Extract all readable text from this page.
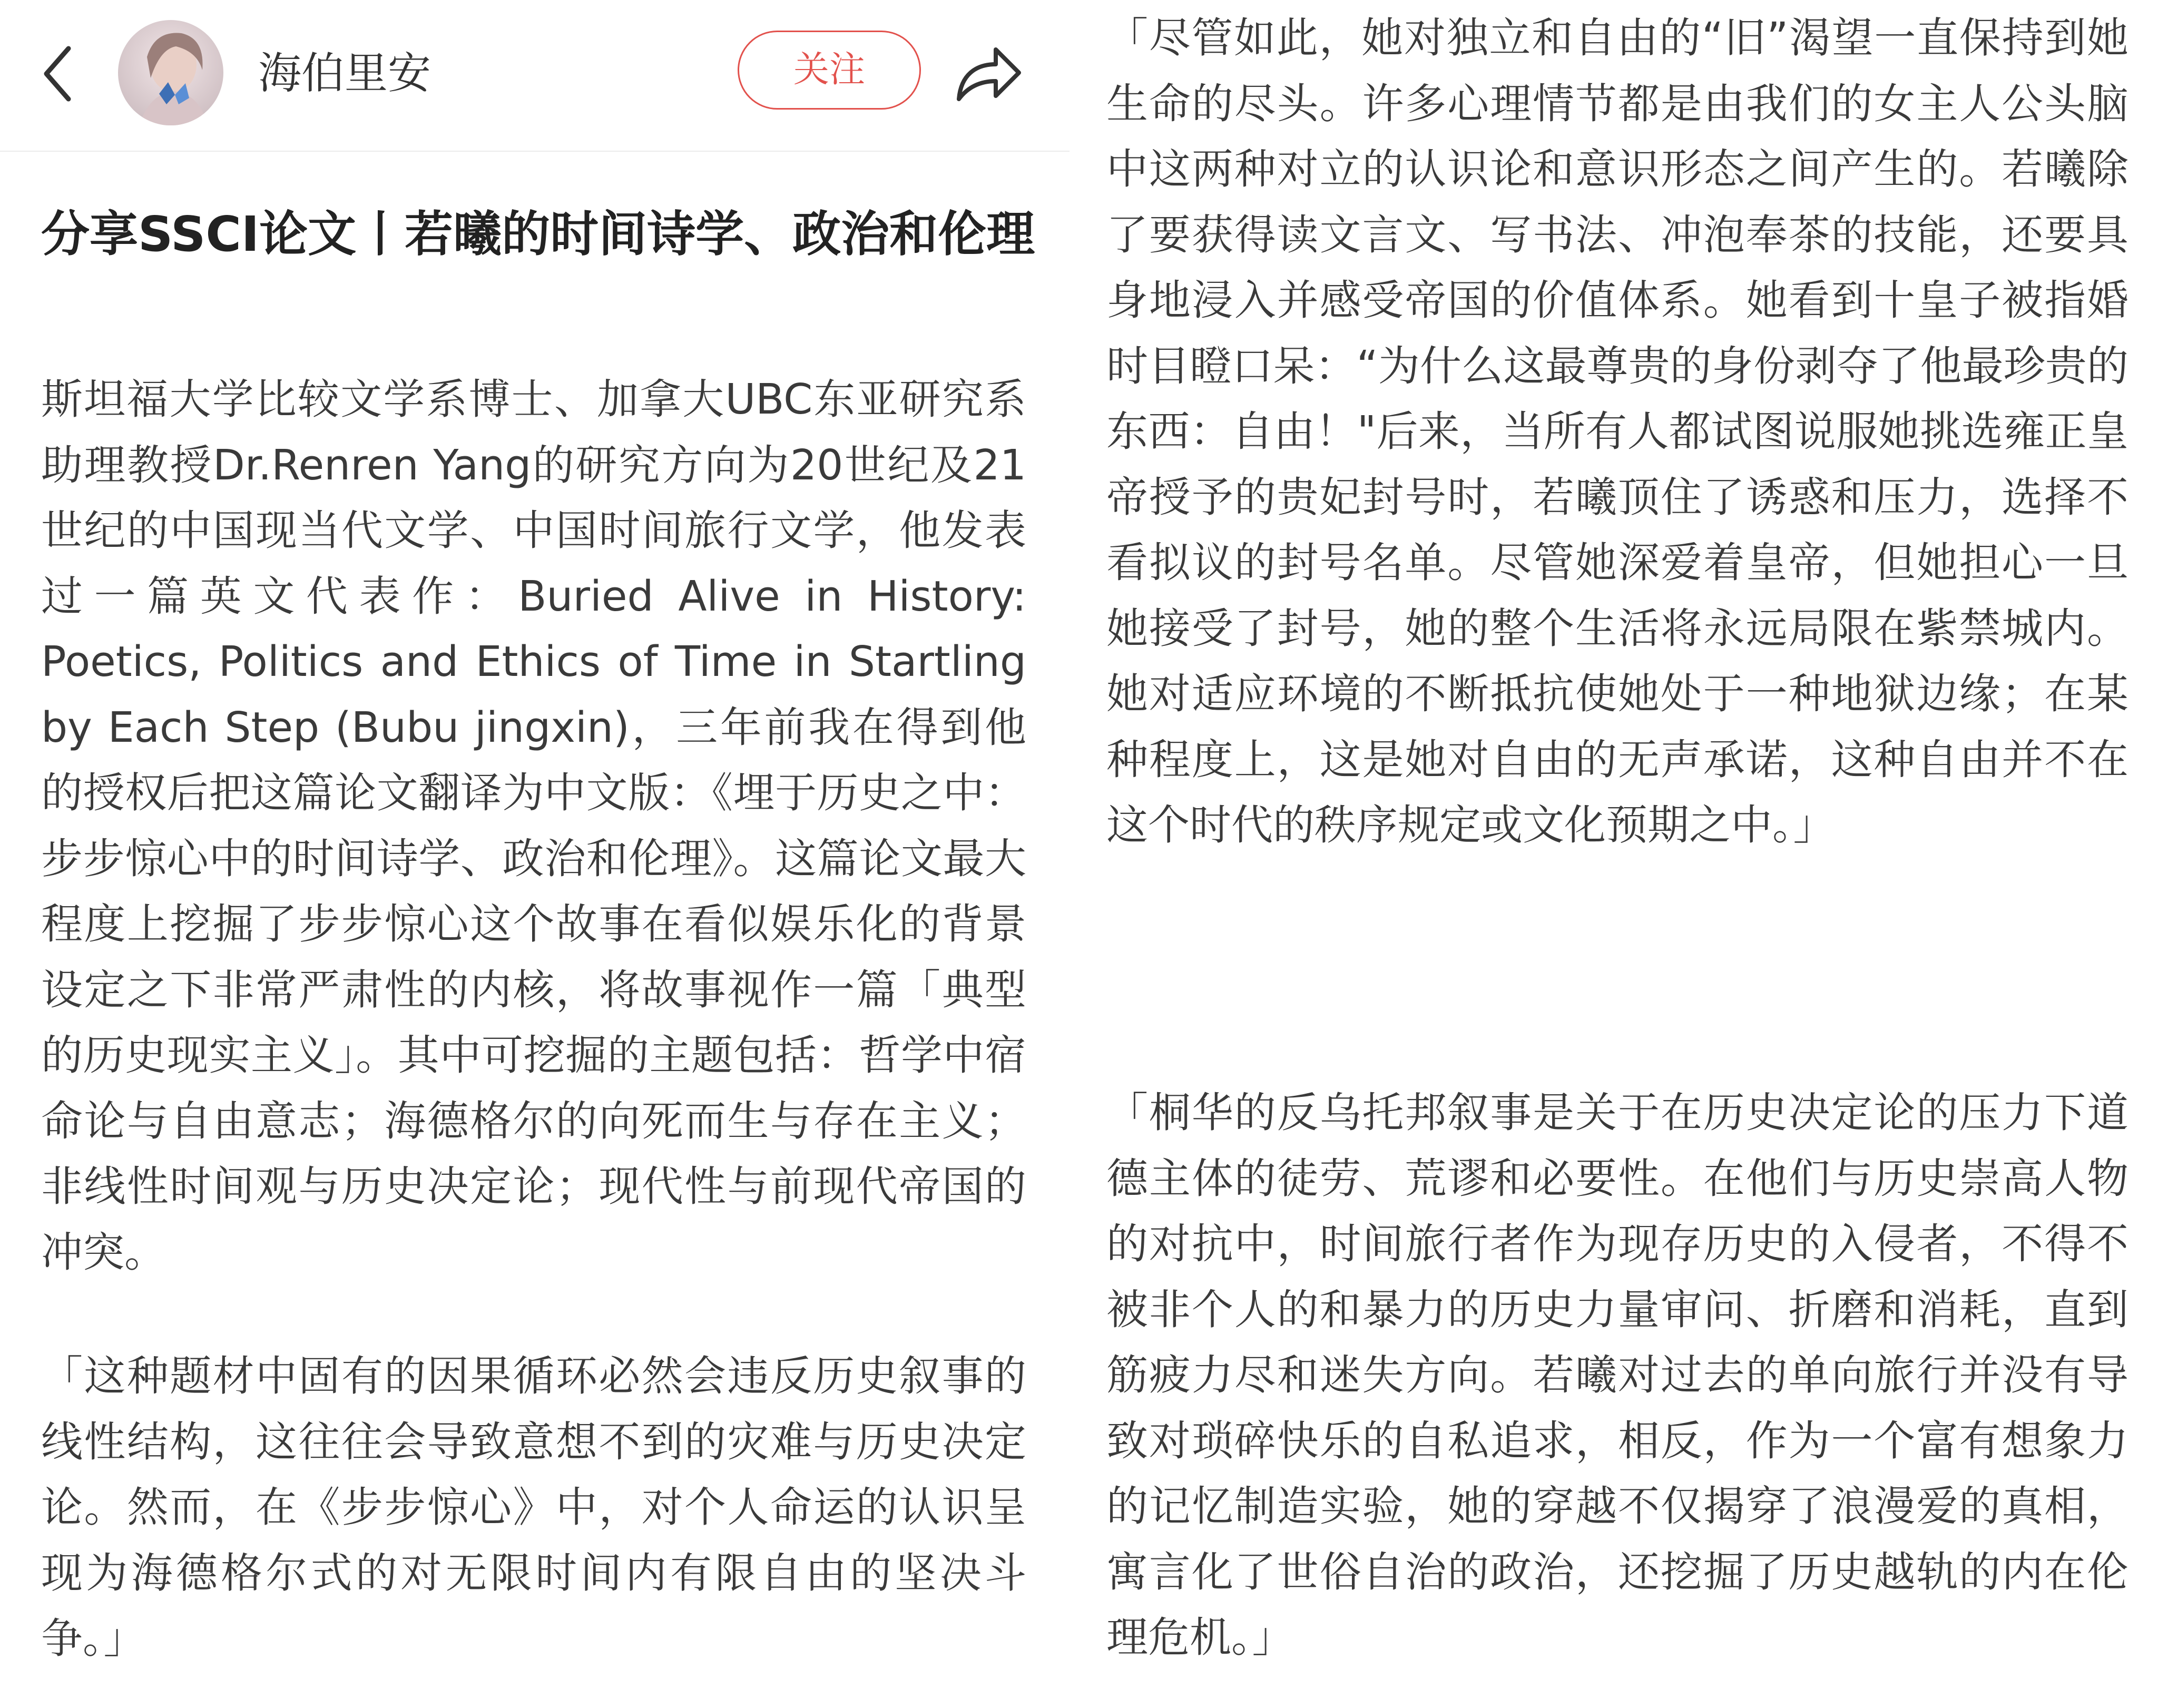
海伯里安	关注
分享SSCI论文丨若曦的时间诗学、政治和伦理

斯坦福大学比较文学系博士、加拿大UBC东亚研究系助理教授Dr.Renren Yang的研究方向为20世纪及21世纪的中国现当代文学、中国时间旅行文学，他发表过一篇英文代表作：Buried Alive in History: Poetics, Politics and Ethics of Time in Startling by Each Step (Bubu jingxin)，三年前我在得到他的授权后把这篇论文翻译为中文版：《埋于历史之中：步步惊心中的时间诗学、政治和伦理》。这篇论文最大程度上挖掘了步步惊心这个故事在看似娱乐化的背景设定之下非常严肃性的内核，将故事视作一篇「典型的历史现实主义」。其中可挖掘的主题包括：哲学中宿命论与自由意志；海德格尔的向死而生与存在主义；非线性时间观与历史决定论；现代性与前现代帝国的冲突。

「这种题材中固有的因果循环必然会违反历史叙事的线性结构，这往往会导致意想不到的灾难与历史决定论。然而，在《步步惊心》中，对个人命运的认识呈现为海德格尔式的对无限时间内有限自由的坚决斗争。」

「尽管如此，她对独立和自由的“旧”渴望一直保持到她生命的尽头。许多心理情节都是由我们的女主人公头脑中这两种对立的认识论和意识形态之间产生的。若曦除了要获得读文言文、写书法、冲泡奉茶的技能，还要具身地浸入并感受帝国的价值体系。她看到十皇子被指婚时目瞪口呆：“为什么这最尊贵的身份剥夺了他最珍贵的东西：自由！"后来，当所有人都试图说服她挑选雍正皇帝授予的贵妃封号时，若曦顶住了诱惑和压力，选择不看拟议的封号名单。尽管她深爱着皇帝，但她担心一旦她接受了封号，她的整个生活将永远局限在紫禁城内。她对适应环境的不断抵抗使她处于一种地狱边缘；在某种程度上，这是她对自由的无声承诺，这种自由并不在这个时代的秩序规定或文化预期之中。」

「桐华的反乌托邦叙事是关于在历史决定论的压力下道德主体的徒劳、荒谬和必要性。在他们与历史崇高人物的对抗中，时间旅行者作为现存历史的入侵者，不得不被非个人的和暴力的历史力量审问、折磨和消耗，直到筋疲力尽和迷失方向。若曦对过去的单向旅行并没有导致对琐碎快乐的自私追求，相反，作为一个富有想象力的记忆制造实验，她的穿越不仅揭穿了浪漫爱的真相，寓言化了世俗自治的政治，还挖掘了历史越轨的内在伦理危机。」
